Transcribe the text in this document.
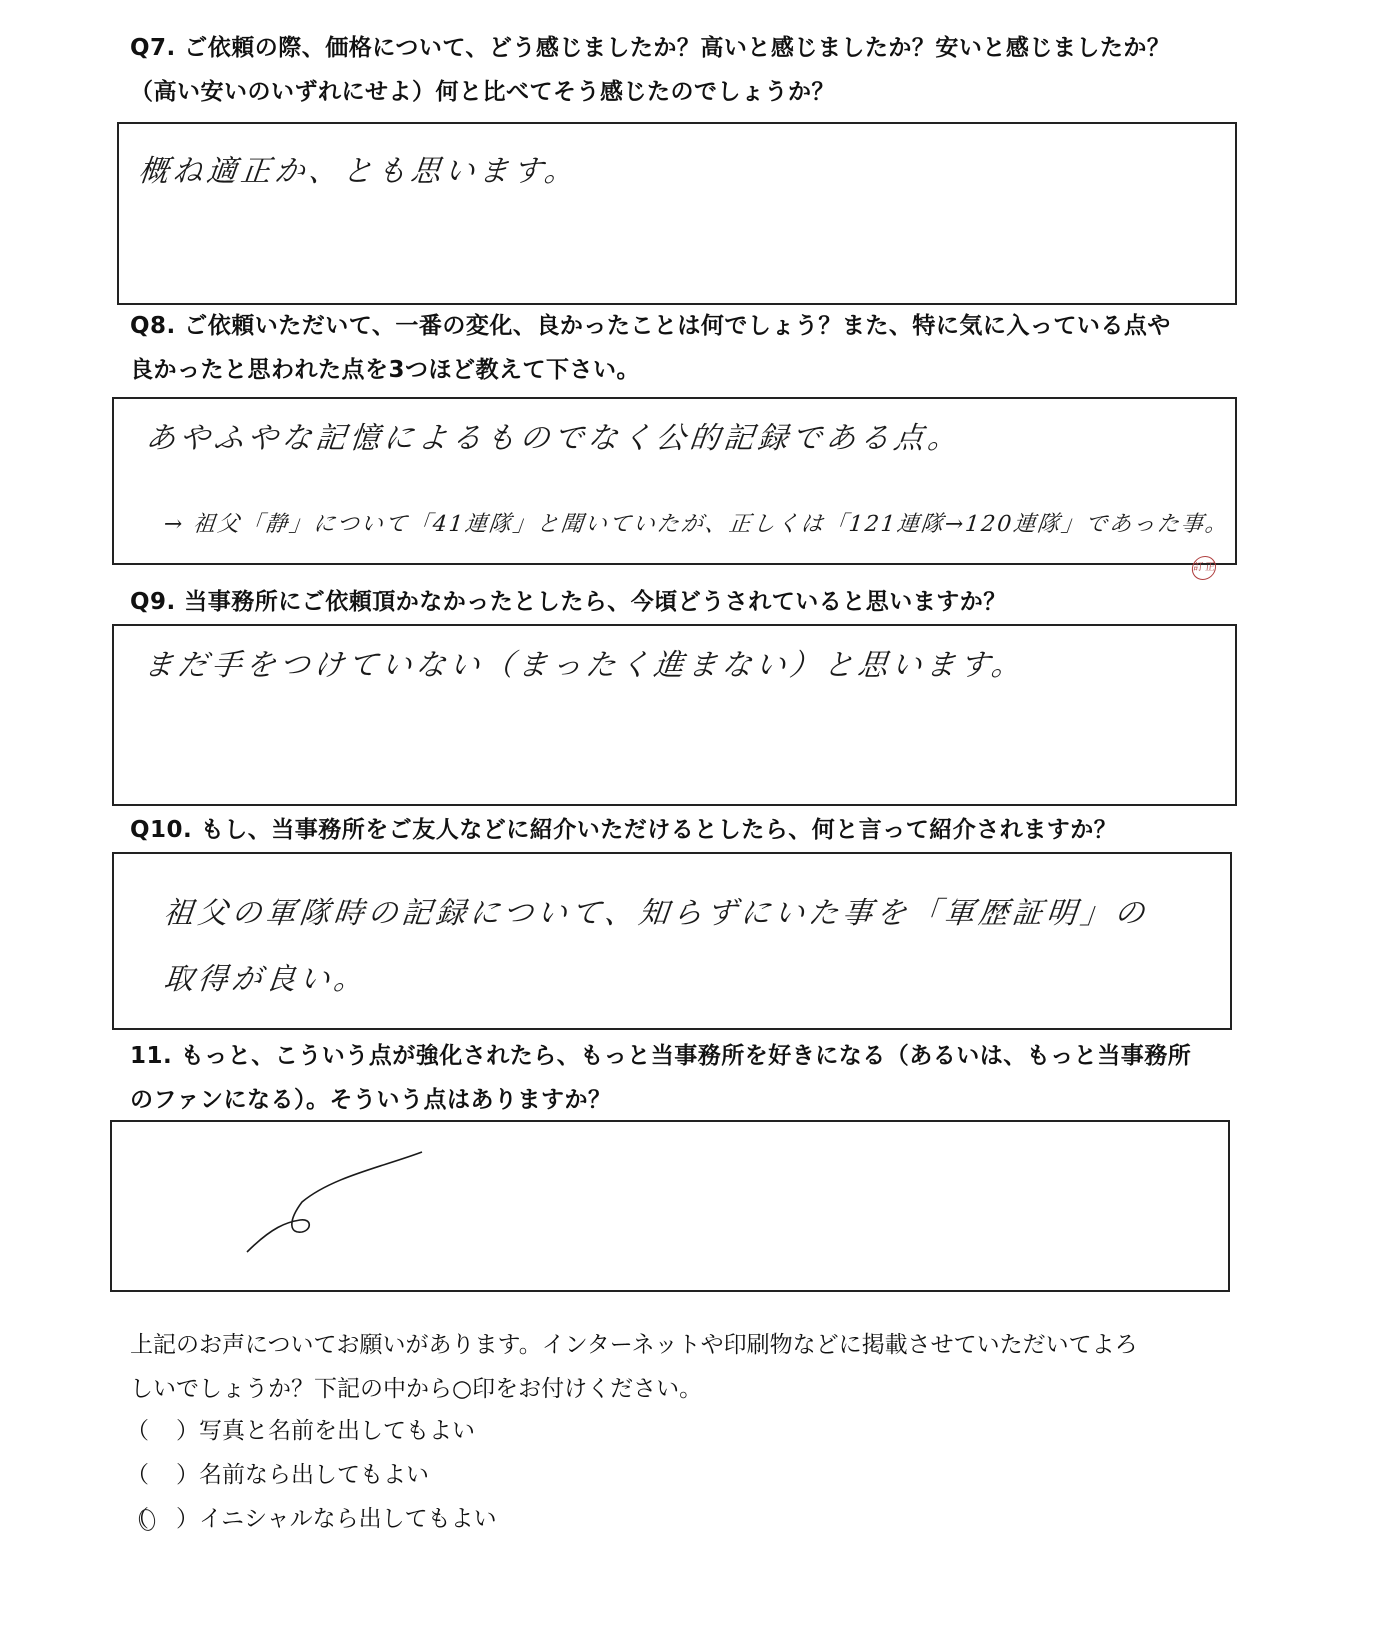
Q7. ご依頼の際、価格について、どう感じましたか？高いと感じましたか？安いと感じましたか？
（高い安いのいずれにせよ）何と比べてそう感じたのでしょうか？
概ね適正か、とも思います。
Q8. ご依頼いただいて、一番の変化、良かったことは何でしょう？また、特に気に入っている点や
良かったと思われた点を3つほど教えて下さい。
あやふやな記憶によるものでなく公的記録である点。
→ 祖父「静」について「41連隊」と聞いていたが、正しくは「121連隊→120連隊」であった事。
訂正
Q9. 当事務所にご依頼頂かなかったとしたら、今頃どうされていると思いますか？
まだ手をつけていない（まったく進まない）と思います。
Q10. もし、当事務所をご友人などに紹介いただけるとしたら、何と言って紹介されますか？
祖父の軍隊時の記録について、知らずにいた事を「軍歴証明」の
取得が良い。
11. もっと、こういう点が強化されたら、もっと当事務所を好きになる（あるいは、もっと当事務所
のファンになる）。そういう点はありますか？
上記のお声についてお願いがあります。インターネットや印刷物などに掲載させていただいてよろ
しいでしょうか？下記の中から○印をお付けください。
（ ）写真と名前を出してもよい
（ ）名前なら出してもよい
（ ）イニシャルなら出してもよい
